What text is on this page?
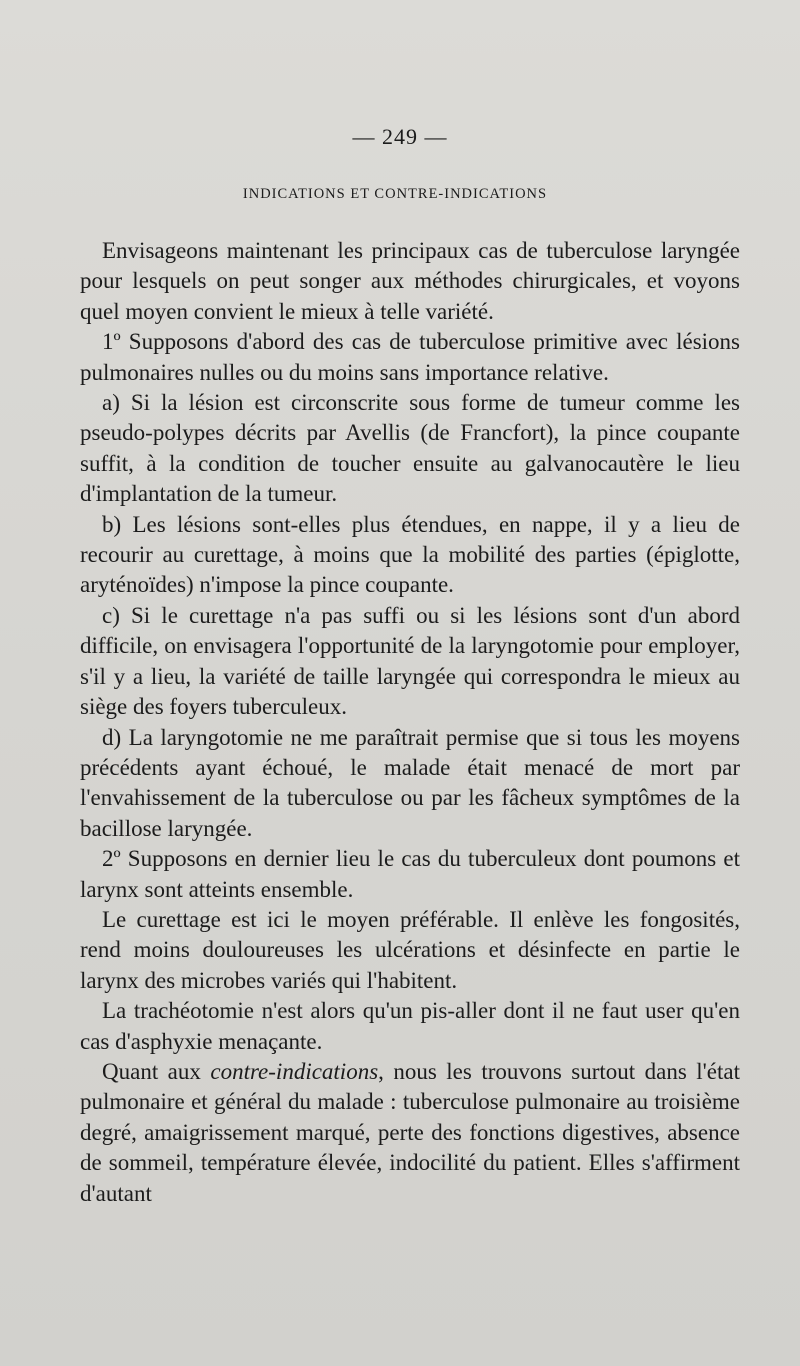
— 249 —
INDICATIONS ET CONTRE-INDICATIONS

Envisageons maintenant les principaux cas de tuberculose laryngée pour lesquels on peut songer aux méthodes chirurgicales, et voyons quel moyen convient le mieux à telle variété.

1º Supposons d'abord des cas de tuberculose primitive avec lésions pulmonaires nulles ou du moins sans importance relative.

a) Si la lésion est circonscrite sous forme de tumeur comme les pseudo-polypes décrits par Avellis (de Francfort), la pince coupante suffit, à la condition de toucher ensuite au galvanocautère le lieu d'implantation de la tumeur.

b) Les lésions sont-elles plus étendues, en nappe, il y a lieu de recourir au curettage, à moins que la mobilité des parties (épiglotte, aryténoïdes) n'impose la pince coupante.

c) Si le curettage n'a pas suffi ou si les lésions sont d'un abord difficile, on envisagera l'opportunité de la laryngotomie pour employer, s'il y a lieu, la variété de taille laryngée qui correspondra le mieux au siège des foyers tuberculeux.

d) La laryngotomie ne me paraîtrait permise que si tous les moyens précédents ayant échoué, le malade était menacé de mort par l'envahissement de la tuberculose ou par les fâcheux symptômes de la bacillose laryngée.

2º Supposons en dernier lieu le cas du tuberculeux dont poumons et larynx sont atteints ensemble.

Le curettage est ici le moyen préférable. Il enlève les fongosités, rend moins douloureuses les ulcérations et désinfecte en partie le larynx des microbes variés qui l'habitent.

La trachéotomie n'est alors qu'un pis-aller dont il ne faut user qu'en cas d'asphyxie menaçante.

Quant aux contre-indications, nous les trouvons surtout dans l'état pulmonaire et général du malade : tuberculose pulmonaire au troisième degré, amaigrissement marqué, perte des fonctions digestives, absence de sommeil, température élevée, indocilité du patient. Elles s'affirment d'autant
